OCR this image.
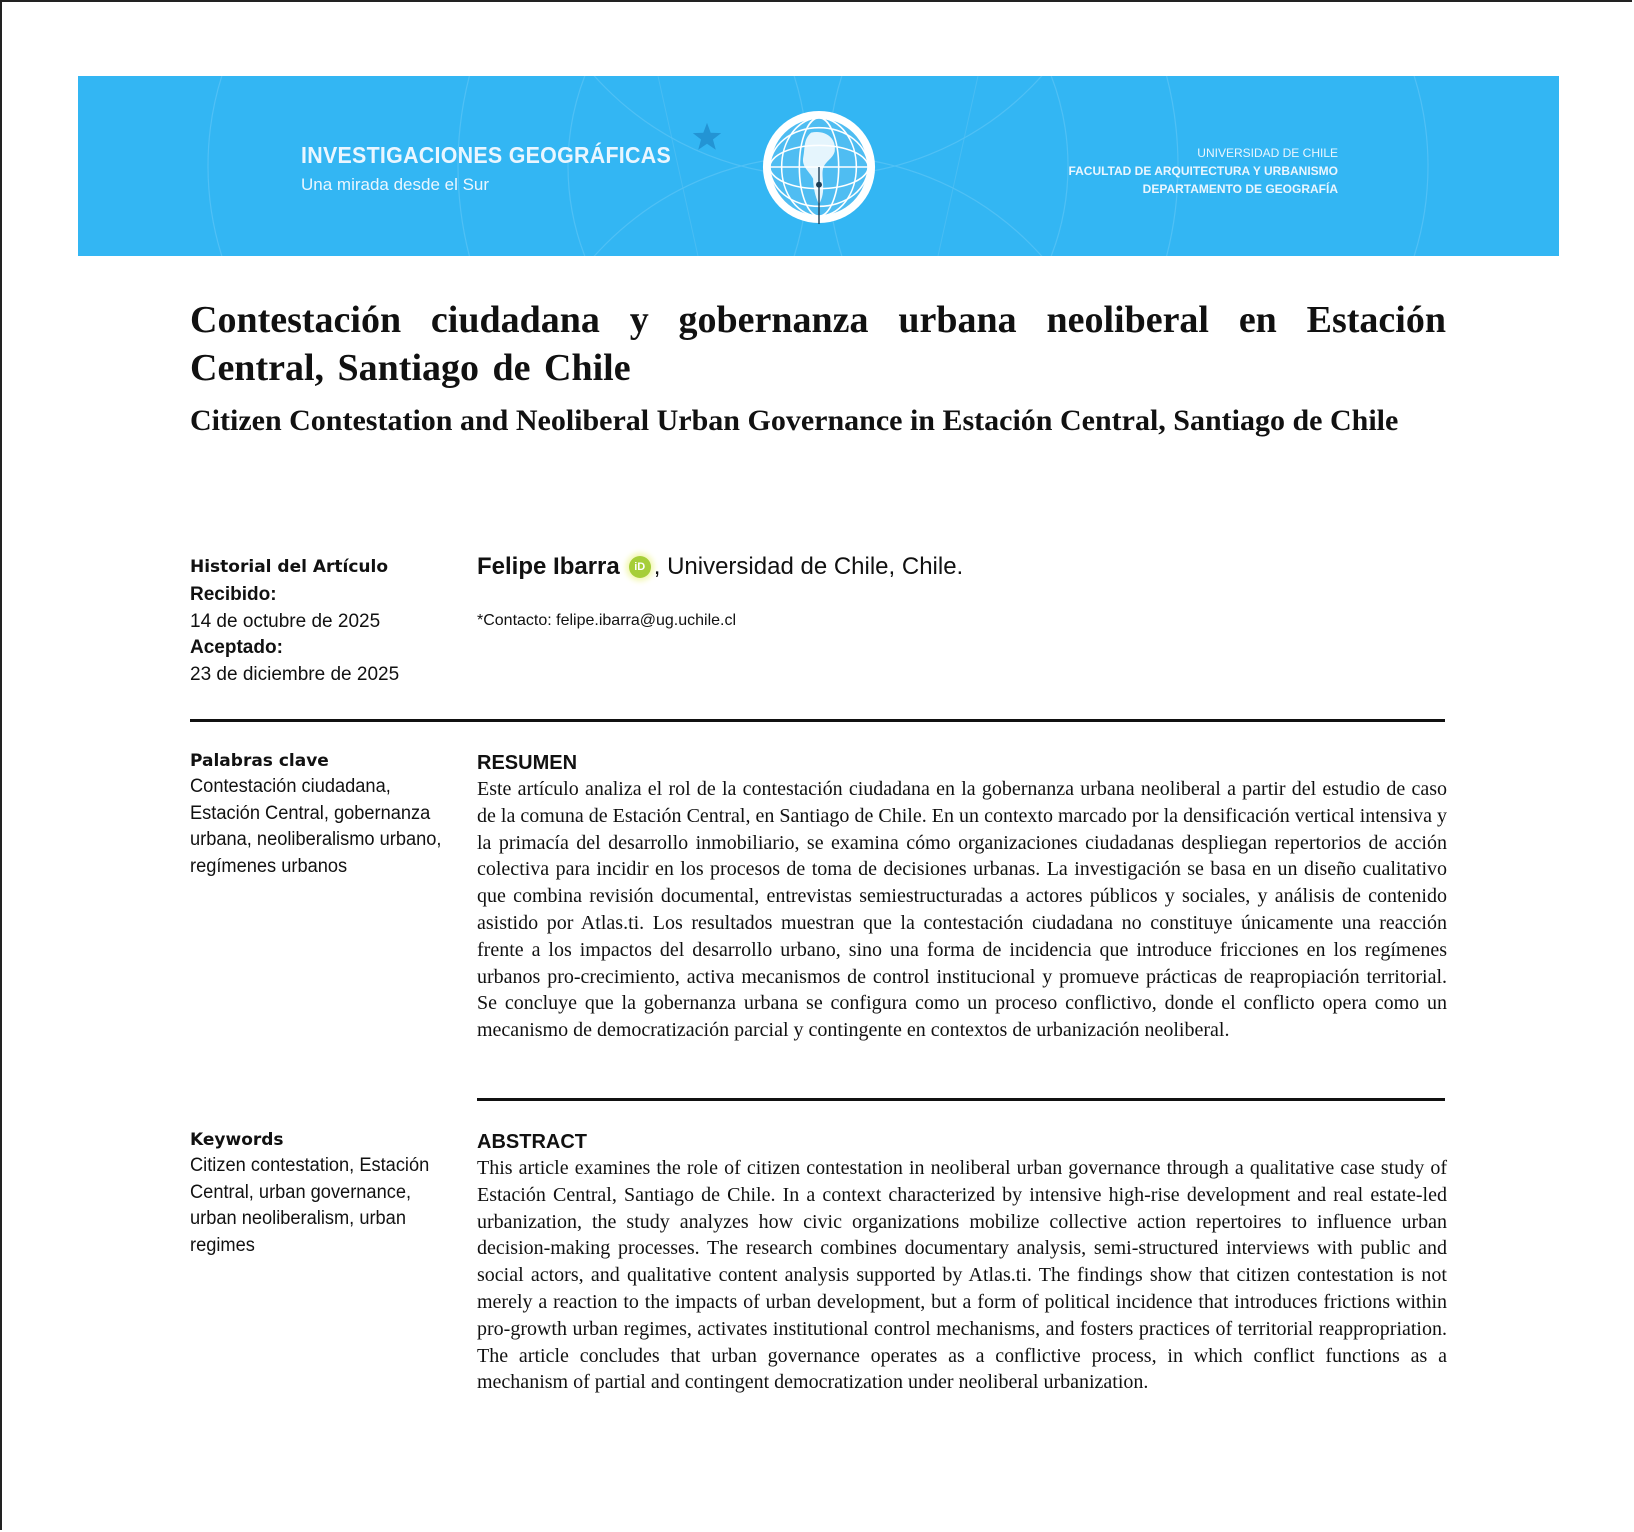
INVESTIGACIONES GEOGRÁFICAS
Una mirada desde el Sur
UNIVERSIDAD DE CHILE
FACULTAD DE ARQUITECTURA Y URBANISMO
DEPARTAMENTO DE GEOGRAFÍA
Contestación ciudadana y gobernanza urbana neoliberal en Estación Central, Santiago de Chile
Citizen Contestation and Neoliberal Urban Governance in Estación Central, Santiago de Chile
Historial del Artículo
Recibido:
14 de octubre de 2025
Aceptado:
23 de diciembre de 2025
Felipe Ibarra	iD , Universidad de Chile, Chile.
*Contacto: felipe.ibarra@ug.uchile.cl
Palabras clave
Contestación ciudadana, Estación Central, gobernanza urbana, neoliberalismo urbano, regímenes urbanos
RESUMEN

Este artículo analiza el rol de la contestación ciudadana en la gobernanza urbana neoliberal a partir del estudio de caso de la comuna de Estación Central, en Santiago de Chile. En un contexto marcado por la densificación vertical intensiva y la primacía del desarrollo inmobiliario, se examina cómo organizaciones ciudadanas despliegan repertorios de acción colectiva para incidir en los procesos de toma de decisiones urbanas. La investigación se basa en un diseño cualitativo que combina revisión documental, entrevistas semiestructuradas a actores públicos y sociales, y análisis de contenido asistido por Atlas.ti. Los resultados muestran que la contestación ciudadana no constituye únicamente una reacción frente a los impactos del desarrollo urbano, sino una forma de incidencia que introduce fricciones en los regímenes urbanos pro-crecimiento, activa mecanismos de control institucional y promueve prácticas de reapropiación territorial. Se concluye que la gobernanza urbana se configura como un proceso conflictivo, donde el conflicto opera como un mecanismo de democratización parcial y contingente en contextos de urbanización neoliberal.

Keywords
Citizen contestation, Estación Central, urban governance, urban neoliberalism, urban regimes
ABSTRACT

This article examines the role of citizen contestation in neoliberal urban governance through a qualitative case study of Estación Central, Santiago de Chile. In a context characterized by intensive high-rise development and real estate-led urbanization, the study analyzes how civic organizations mobilize collective action repertoires to influence urban decision-making processes. The research combines documentary analysis, semi-structured interviews with public and social actors, and qualitative content analysis supported by Atlas.ti. The findings show that citizen contestation is not merely a reaction to the impacts of urban development, but a form of political incidence that introduces frictions within pro-growth urban regimes, activates institutional control mechanisms, and fosters practices of territorial reappropriation. The article concludes that urban governance operates as a conflictive process, in which conflict functions as a mechanism of partial and contingent democratization under neoliberal urbanization.
